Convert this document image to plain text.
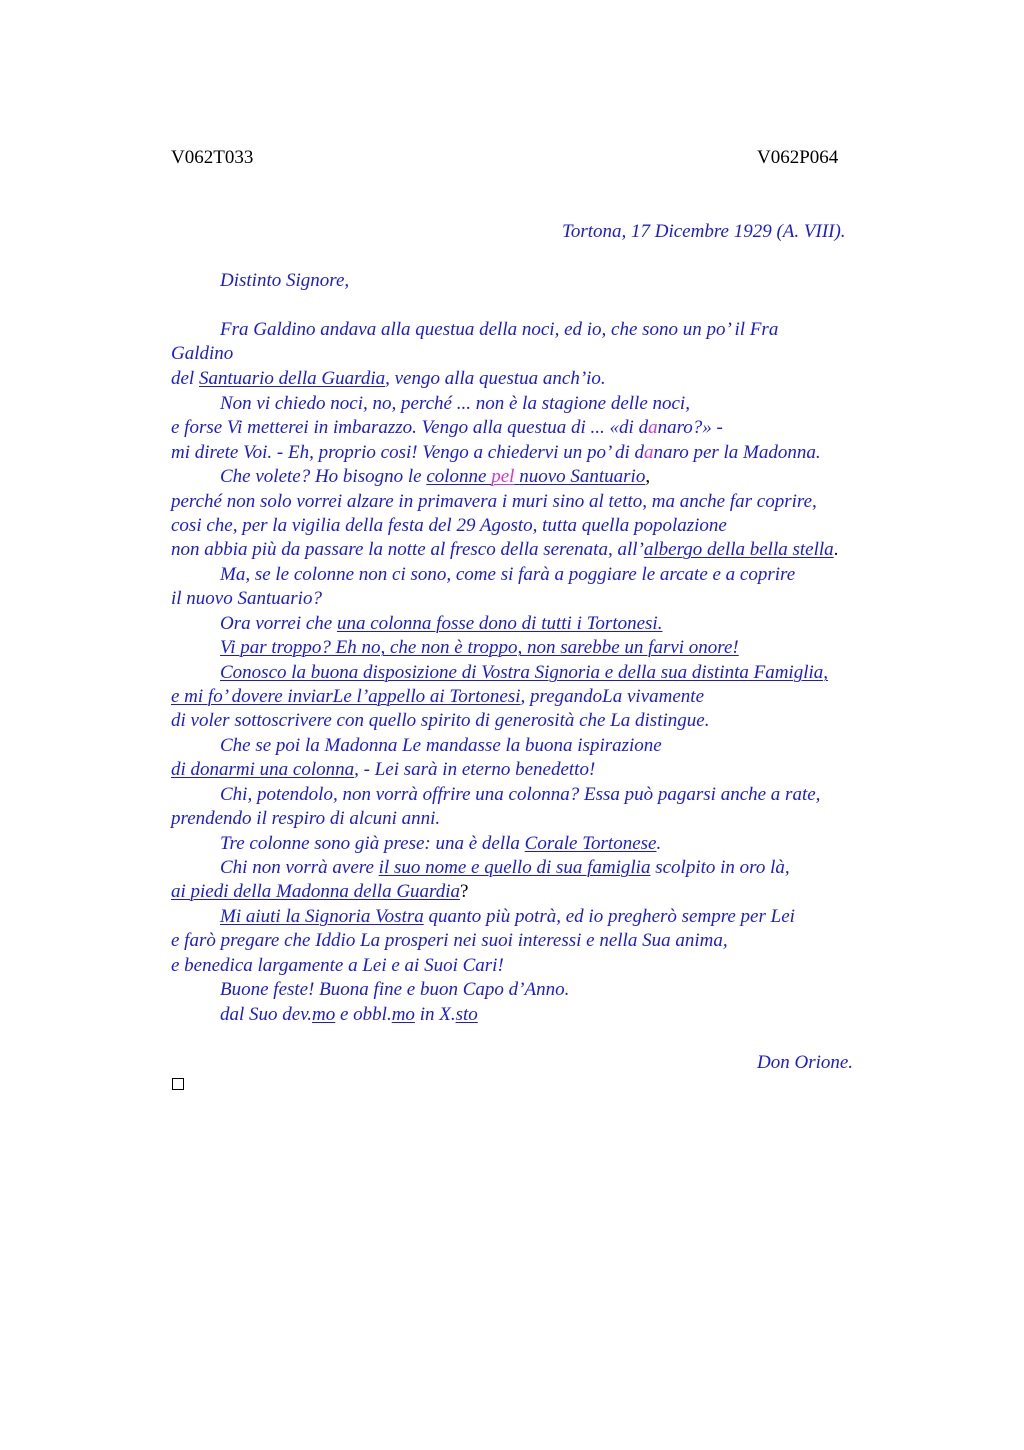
V062T033	V062P064
Tortona, 17 Dicembre 1929 (A. VIII).
Distinto Signore,
Fra Galdino andava alla questua della noci, ed io, che sono un po’ il Fra
Galdino
del Santuario della Guardia, vengo alla questua anch’io.
Non vi chiedo noci, no, perché ... non è la stagione delle noci,
e forse Vi metterei in imbarazzo. Vengo alla questua di ... «di danaro?» -
mi direte Voi. - Eh, proprio cosi! Vengo a chiedervi un po’ di danaro per la Madonna.
Che volete? Ho bisogno le colonne pel nuovo Santuario,
perché non solo vorrei alzare in primavera i muri sino al tetto, ma anche far coprire,
cosi che, per la vigilia della festa del 29 Agosto, tutta quella popolazione
non abbia più da passare la notte al fresco della serenata, all’albergo della bella stella.
Ma, se le colonne non ci sono, come si farà a poggiare le arcate e a coprire
il nuovo Santuario?
Ora vorrei che una colonna fosse dono di tutti i Tortonesi.
Vi par troppo? Eh no, che non è troppo, non sarebbe un farvi onore!
Conosco la buona disposizione di Vostra Signoria e della sua distinta Famiglia,
e mi fo’ dovere inviarLe l’appello ai Tortonesi, pregandoLa vivamente
di voler sottoscrivere con quello spirito di generosità che La distingue.
Che se poi la Madonna Le mandasse la buona ispirazione
di donarmi una colonna, - Lei sarà in eterno benedetto!
Chi, potendolo, non vorrà offrire una colonna? Essa può pagarsi anche a rate,
prendendo il respiro di alcuni anni.
Tre colonne sono già prese: una è della Corale Tortonese.
Chi non vorrà avere il suo nome e quello di sua famiglia scolpito in oro là,
ai piedi della Madonna della Guardia?
Mi aiuti la Signoria Vostra quanto più potrà, ed io pregherò sempre per Lei
e farò pregare che Iddio La prosperi nei suoi interessi e nella Sua anima,
e benedica largamente a Lei e ai Suoi Cari!
Buone feste! Buona fine e buon Capo d’Anno.
dal Suo dev.mo e obbl.mo in X.sto
Don Orione.
